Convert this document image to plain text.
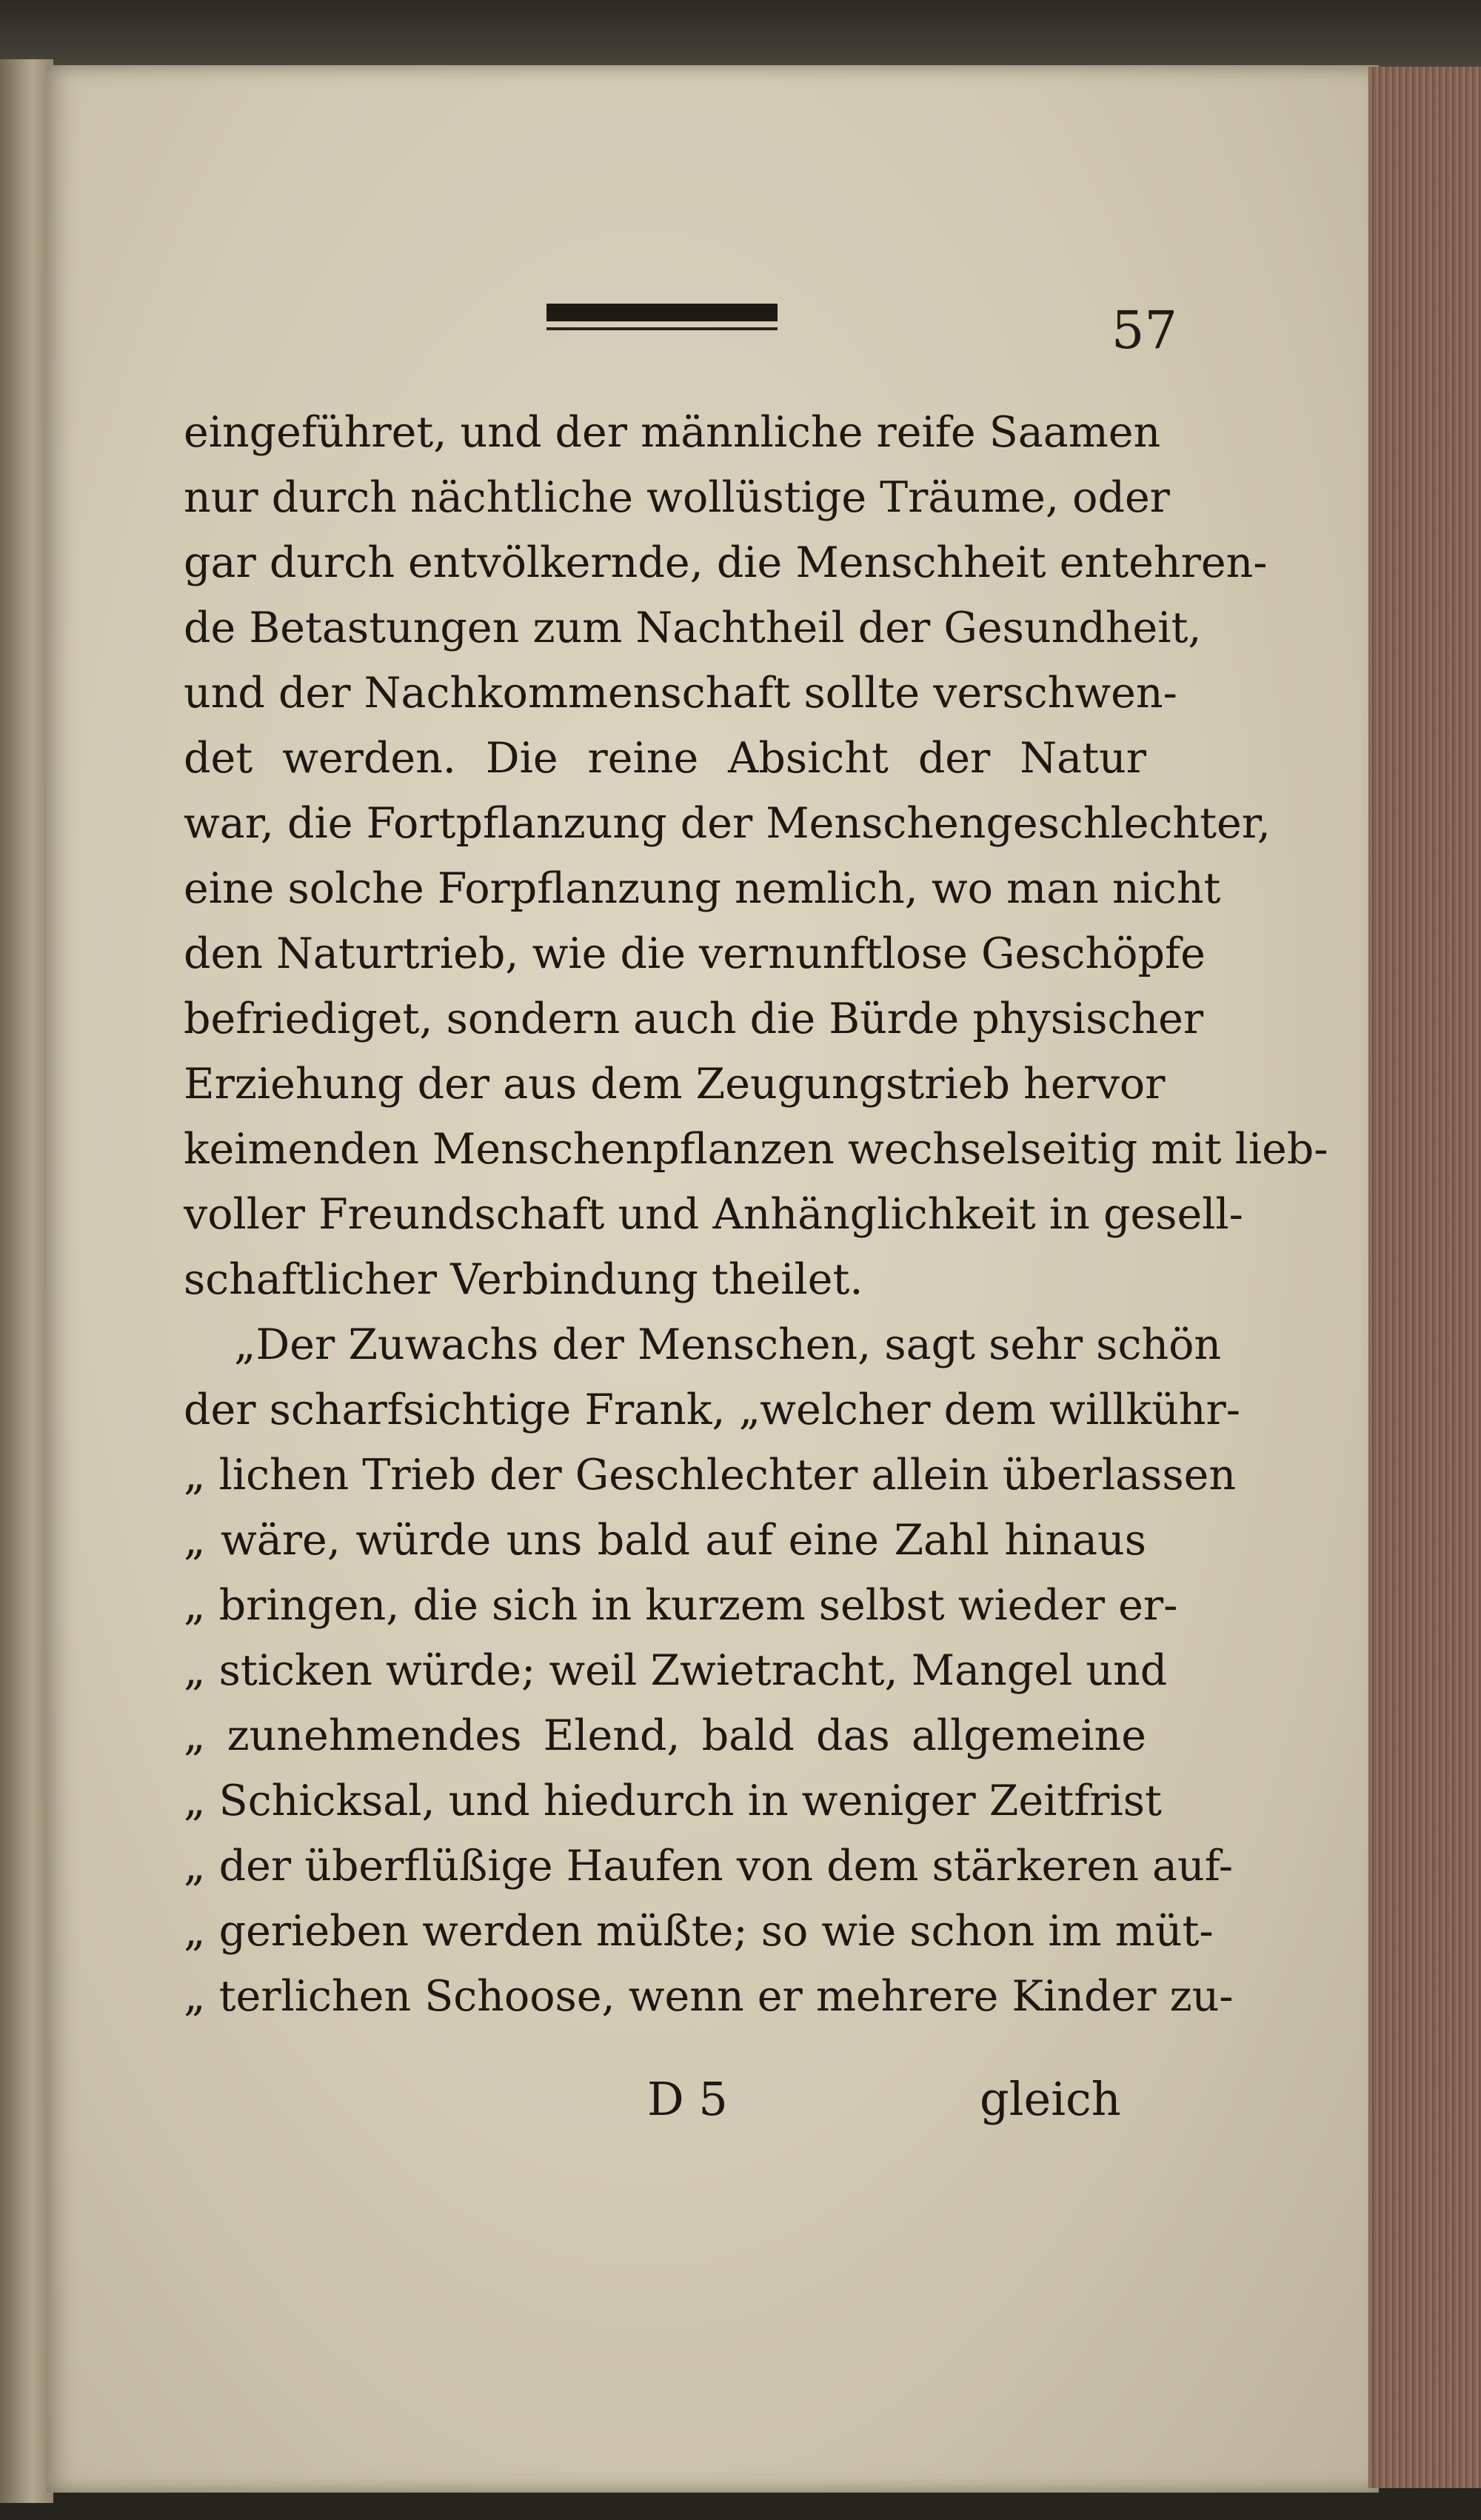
57
eingeführet, und der männliche reife Saamen
nur durch nächtliche wollüstige Träume, oder
gar durch entvölkernde, die Menschheit entehren-
de Betastungen zum Nachtheil der Gesundheit,
und der Nachkommenschaft sollte verschwen-
det werden. Die reine Absicht der Natur
war, die Fortpflanzung der Menschengeschlechter,
eine solche Forpflanzung nemlich, wo man nicht
den Naturtrieb, wie die vernunftlose Geschöpfe
befriediget, sondern auch die Bürde physischer
Erziehung der aus dem Zeugungstrieb hervor
keimenden Menschenpflanzen wechselseitig mit lieb-
voller Freundschaft und Anhänglichkeit in gesell-
schaftlicher Verbindung theilet.
„Der Zuwachs der Menschen, sagt sehr schön
der scharfsichtige Frank, „welcher dem willkühr-
„ lichen Trieb der Geschlechter allein überlassen
„ wäre, würde uns bald auf eine Zahl hinaus
„ bringen, die sich in kurzem selbst wieder er-
„ sticken würde; weil Zwietracht, Mangel und
„ zunehmendes Elend, bald das allgemeine
„ Schicksal, und hiedurch in weniger Zeitfrist
„ der überflüßige Haufen von dem stärkeren auf-
„ gerieben werden müßte; so wie schon im müt-
„ terlichen Schoose, wenn er mehrere Kinder zu-
D 5	gleich
